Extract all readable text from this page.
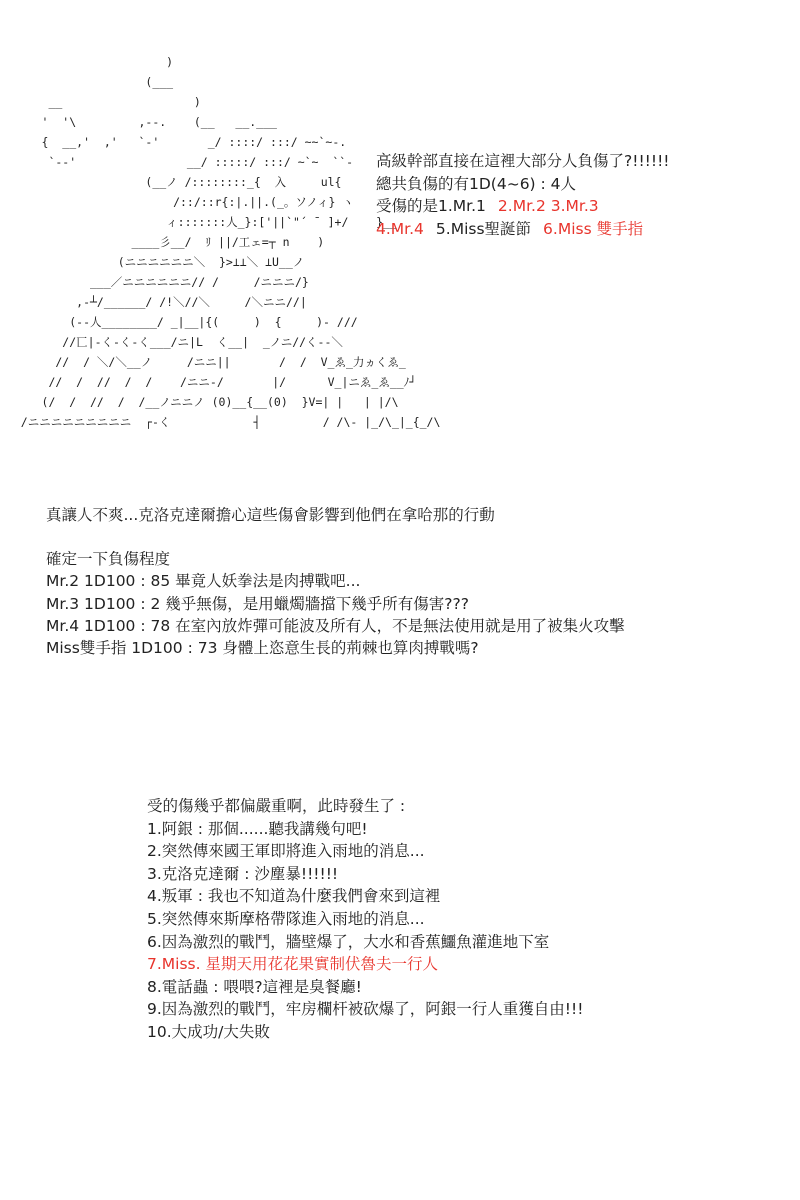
)
(___
__                   )
'  '\         ,--.    (__   __.___
{  __,'  ,'   `-'       _/ ::::/ :::/ ~~`~-.
`--'                __/ :::::/ :::/ ~`~  ``-
(__ノ /::::::::_{  入     ul{
/::/::r{:|.||.(_。ソノィ} ヽ
ィ:::::::人_}:['||`"´ ̄  ]+/    }__
____彡__/  ﾘ ||/工ェ=┬ n    )
(ニニニニニニ＼  }>⊥⊥＼ ⊥U__ノ
___／ニニニニニニ// /     /ニニニ/}
,-┴/______/ /!＼//＼     /＼ニニ//|
(--人________/ _|__|{(     )  {     )- ///
//匸|-く-く-く___/ニ|L  く__|  _ノニ//く--＼
//  / ＼/＼__ノ     /ニニ||       /  /  V_ゑ_力ヵくゑ_
//  /  //  /  /    /ニニ-/       |/      V_|ニゑ_ゑ__ﾉ┘
(/  /  //  /  /__ノニニノ (0)__{__(0)  }V=| |   | |/\
/ニニニニニニニニニ  ┌-く            ┤         / /\- |_/\_|_{_/\
高級幹部直接在這裡大部分人負傷了?!!!!!!
總共負傷的有1D(4~6) : 4人
受傷的是1.Mr.1 2.Mr.2 3.Mr.3
4.Mr.4 5.Miss聖誕節 6.Miss 雙手指
真讓人不爽...克洛克達爾擔心這些傷會影響到他們在拿哈那的行動
確定一下負傷程度
Mr.2 1D100 : 85 畢竟人妖拳法是肉搏戰吧...
Mr.3 1D100 : 2 幾乎無傷，是用蠟燭牆擋下幾乎所有傷害???
Mr.4 1D100 : 78 在室內放炸彈可能波及所有人，不是無法使用就是用了被集火攻擊
Miss雙手指 1D100 : 73 身體上恣意生長的荊棘也算肉搏戰嗎?
受的傷幾乎都偏嚴重啊，此時發生了 :
1.阿銀 : 那個......聽我講幾句吧!
2.突然傳來國王軍即將進入雨地的消息...
3.克洛克達爾 : 沙塵暴!!!!!!
4.叛軍 : 我也不知道為什麼我們會來到這裡
5.突然傳來斯摩格帶隊進入雨地的消息...
6.因為激烈的戰鬥，牆壁爆了，大水和香蕉鱷魚灌進地下室
7.Miss. 星期天用花花果實制伏魯夫一行人
8.電話蟲 : 喂喂?這裡是臭餐廳!
9.因為激烈的戰鬥，牢房欄杆被砍爆了，阿銀一行人重獲自由!!!
10.大成功/大失敗
